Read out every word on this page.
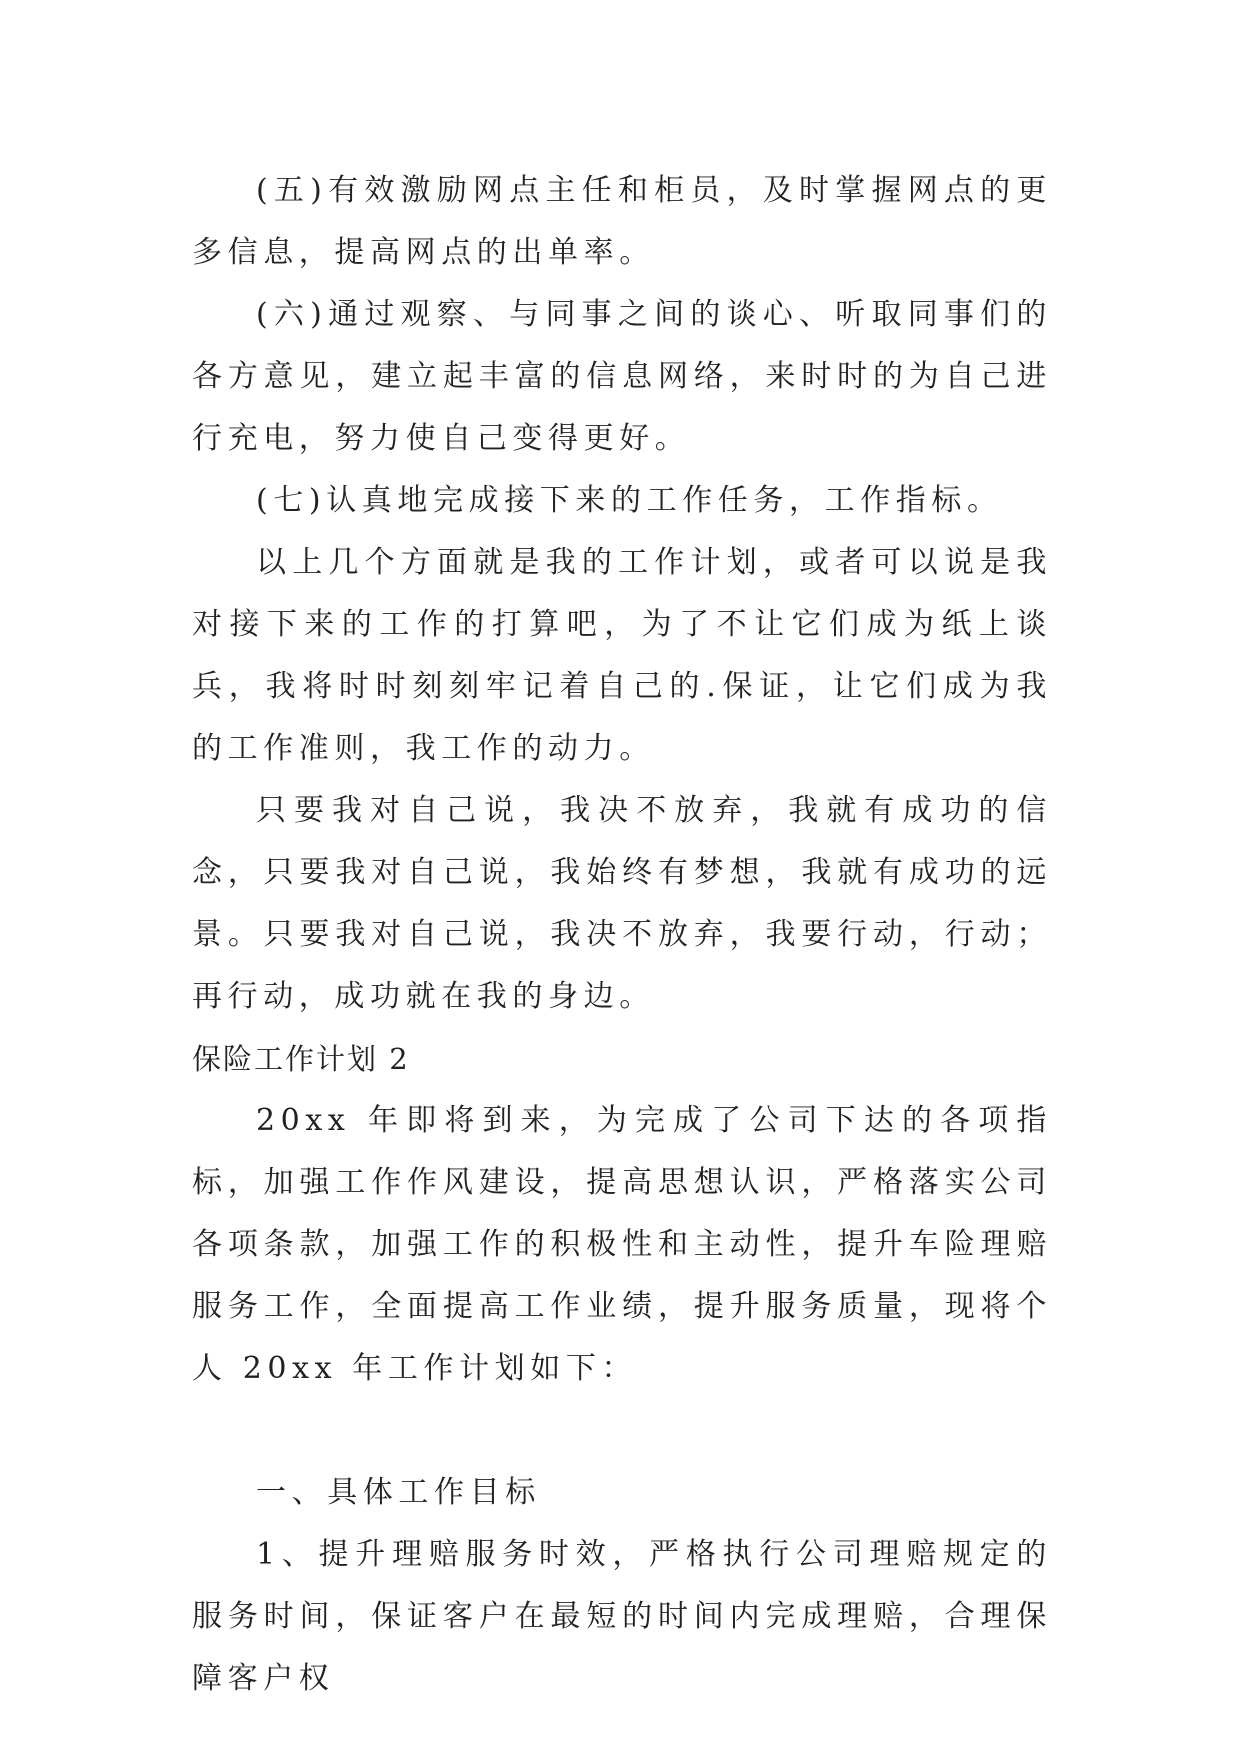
(五)有效激励网点主任和柜员，及时掌握网点的更多信息，提高网点的出单率。

(六)通过观察、与同事之间的谈心、听取同事们的各方意见，建立起丰富的信息网络，来时时的为自己进行充电，努力使自己变得更好。

(七)认真地完成接下来的工作任务，工作指标。

以上几个方面就是我的工作计划，或者可以说是我对接下来的工作的打算吧，为了不让它们成为纸上谈兵，我将时时刻刻牢记着自己的.保证，让它们成为我的工作准则，我工作的动力。

只要我对自己说，我决不放弃，我就有成功的信念，只要我对自己说，我始终有梦想，我就有成功的远景。只要我对自己说，我决不放弃，我要行动，行动；再行动，成功就在我的身边。

保险工作计划 2

20xx 年即将到来，为完成了公司下达的各项指标，加强工作作风建设，提高思想认识，严格落实公司各项条款，加强工作的积极性和主动性，提升车险理赔服务工作，全面提高工作业绩，提升服务质量，现将个人 20xx 年工作计划如下：

一、具体工作目标

1、提升理赔服务时效，严格执行公司理赔规定的服务时间，保证客户在最短的时间内完成理赔，合理保障客户权
